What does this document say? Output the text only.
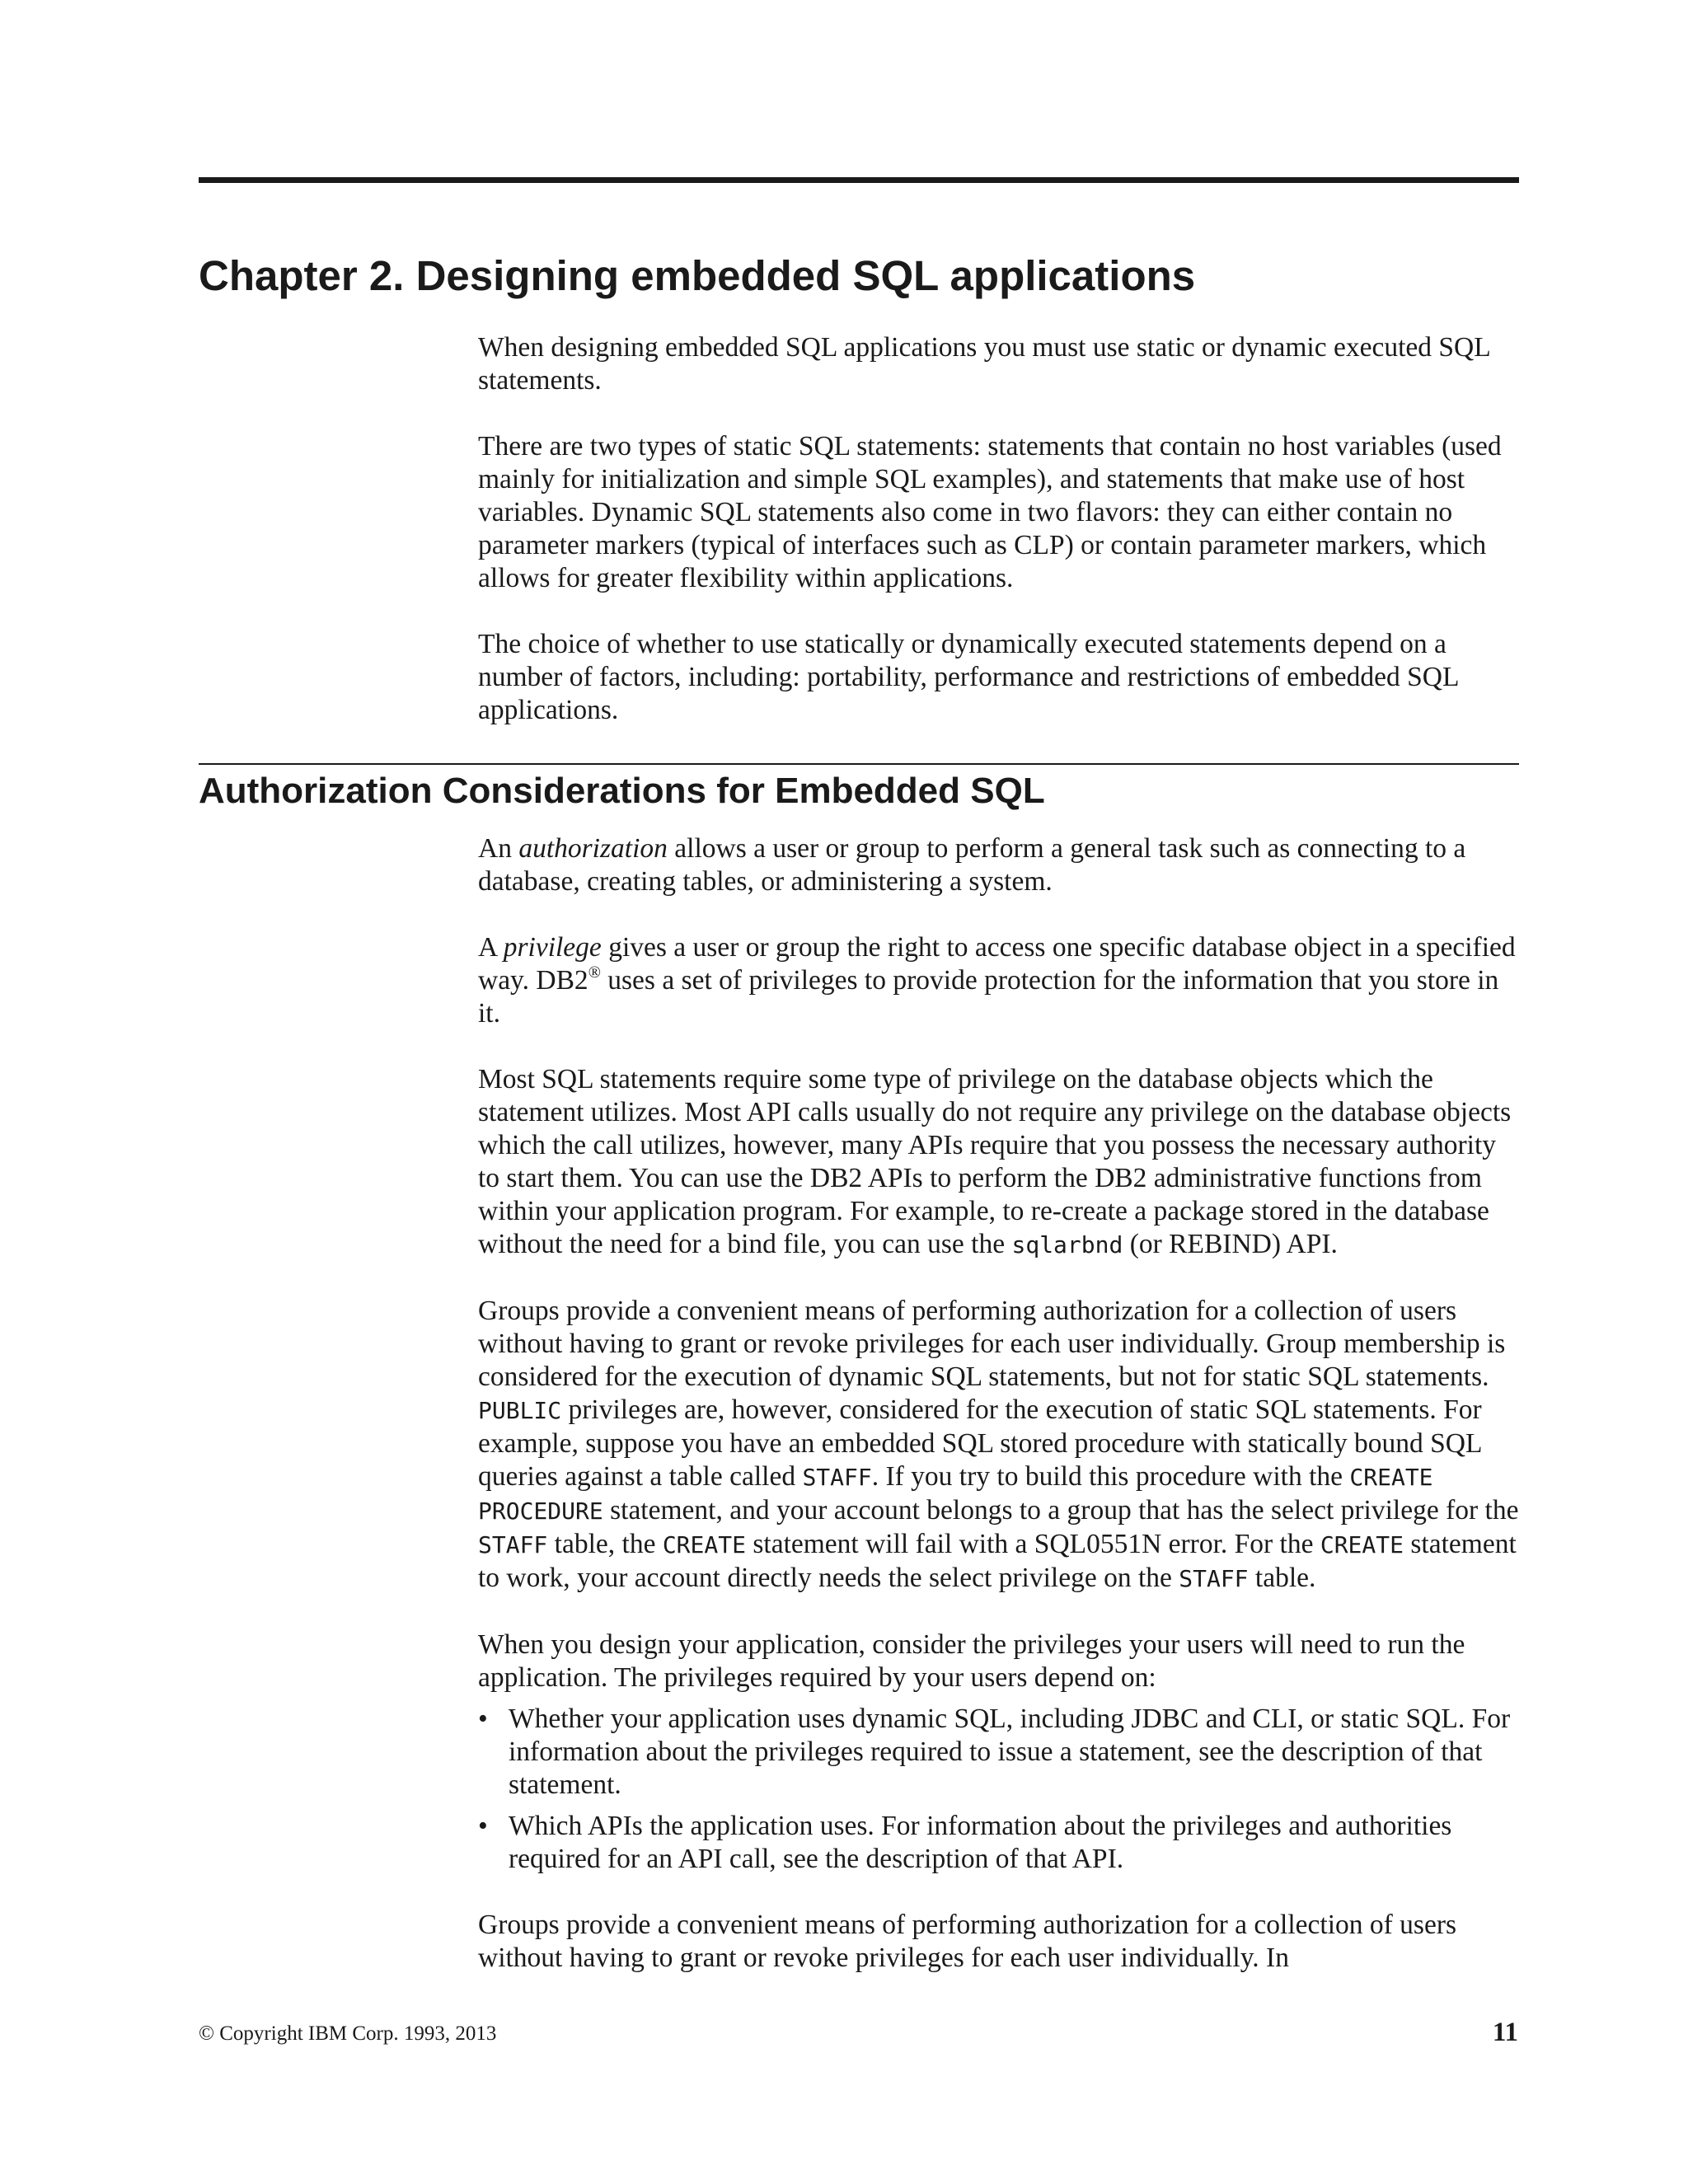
Chapter 2. Designing embedded SQL applications

When designing embedded SQL applications you must use static or dynamic executed SQL statements.

There are two types of static SQL statements: statements that contain no host variables (used mainly for initialization and simple SQL examples), and statements that make use of host variables. Dynamic SQL statements also come in two flavors: they can either contain no parameter markers (typical of interfaces such as CLP) or contain parameter markers, which allows for greater flexibility within applications.

The choice of whether to use statically or dynamically executed statements depend on a number of factors, including: portability, performance and restrictions of embedded SQL applications.

Authorization Considerations for Embedded SQL

An authorization allows a user or group to perform a general task such as connecting to a database, creating tables, or administering a system.

A privilege gives a user or group the right to access one specific database object in a specified way. DB2® uses a set of privileges to provide protection for the information that you store in it.

Most SQL statements require some type of privilege on the database objects which the statement utilizes. Most API calls usually do not require any privilege on the database objects which the call utilizes, however, many APIs require that you possess the necessary authority to start them. You can use the DB2 APIs to perform the DB2 administrative functions from within your application program. For example, to re-create a package stored in the database without the need for a bind file, you can use the sqlarbnd (or REBIND) API.

Groups provide a convenient means of performing authorization for a collection of users without having to grant or revoke privileges for each user individually. Group membership is considered for the execution of dynamic SQL statements, but not for static SQL statements. PUBLIC privileges are, however, considered for the execution of static SQL statements. For example, suppose you have an embedded SQL stored procedure with statically bound SQL queries against a table called STAFF. If you try to build this procedure with the CREATE PROCEDURE statement, and your account belongs to a group that has the select privilege for the STAFF table, the CREATE statement will fail with a SQL0551N error. For the CREATE statement to work, your account directly needs the select privilege on the STAFF table.

When you design your application, consider the privileges your users will need to run the application. The privileges required by your users depend on:

• Whether your application uses dynamic SQL, including JDBC and CLI, or static SQL. For information about the privileges required to issue a statement, see the description of that statement.
• Which APIs the application uses. For information about the privileges and authorities required for an API call, see the description of that API.

Groups provide a convenient means of performing authorization for a collection of users without having to grant or revoke privileges for each user individually. In

© Copyright IBM Corp. 1993, 2013	11
